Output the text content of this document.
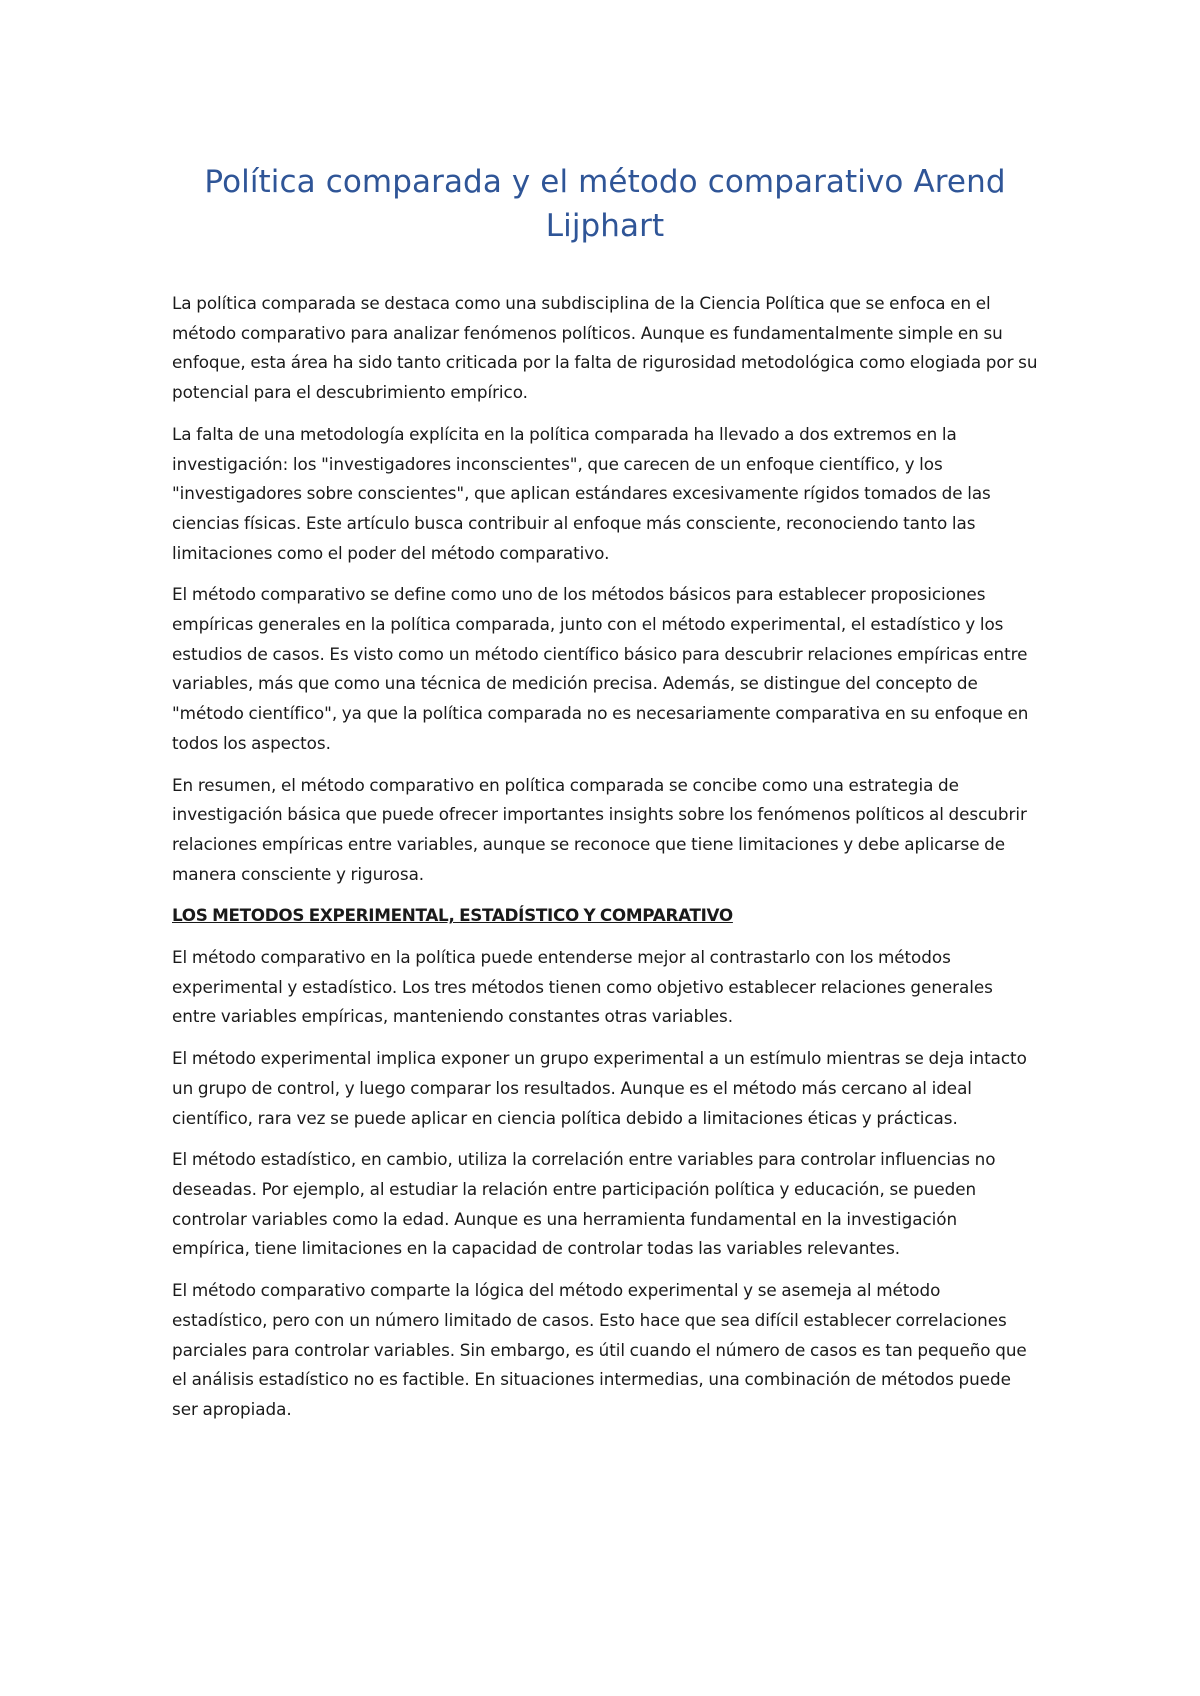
Política comparada y el método comparativo Arend Lijphart

La política comparada se destaca como una subdisciplina de la Ciencia Política que se enfoca en el método comparativo para analizar fenómenos políticos. Aunque es fundamentalmente simple en su enfoque, esta área ha sido tanto criticada por la falta de rigurosidad metodológica como elogiada por su potencial para el descubrimiento empírico.

La falta de una metodología explícita en la política comparada ha llevado a dos extremos en la investigación: los "investigadores inconscientes", que carecen de un enfoque científico, y los "investigadores sobre conscientes", que aplican estándares excesivamente rígidos tomados de las ciencias físicas. Este artículo busca contribuir al enfoque más consciente, reconociendo tanto las limitaciones como el poder del método comparativo.

El método comparativo se define como uno de los métodos básicos para establecer proposiciones empíricas generales en la política comparada, junto con el método experimental, el estadístico y los estudios de casos. Es visto como un método científico básico para descubrir relaciones empíricas entre variables, más que como una técnica de medición precisa. Además, se distingue del concepto de "método científico", ya que la política comparada no es necesariamente comparativa en su enfoque en todos los aspectos.

En resumen, el método comparativo en política comparada se concibe como una estrategia de investigación básica que puede ofrecer importantes insights sobre los fenómenos políticos al descubrir relaciones empíricas entre variables, aunque se reconoce que tiene limitaciones y debe aplicarse de manera consciente y rigurosa.

LOS METODOS EXPERIMENTAL, ESTADÍSTICO Y COMPARATIVO

El método comparativo en la política puede entenderse mejor al contrastarlo con los métodos experimental y estadístico. Los tres métodos tienen como objetivo establecer relaciones generales entre variables empíricas, manteniendo constantes otras variables.

El método experimental implica exponer un grupo experimental a un estímulo mientras se deja intacto un grupo de control, y luego comparar los resultados. Aunque es el método más cercano al ideal científico, rara vez se puede aplicar en ciencia política debido a limitaciones éticas y prácticas.

El método estadístico, en cambio, utiliza la correlación entre variables para controlar influencias no deseadas. Por ejemplo, al estudiar la relación entre participación política y educación, se pueden controlar variables como la edad. Aunque es una herramienta fundamental en la investigación empírica, tiene limitaciones en la capacidad de controlar todas las variables relevantes.

El método comparativo comparte la lógica del método experimental y se asemeja al método estadístico, pero con un número limitado de casos. Esto hace que sea difícil establecer correlaciones parciales para controlar variables. Sin embargo, es útil cuando el número de casos es tan pequeño que el análisis estadístico no es factible. En situaciones intermedias, una combinación de métodos puede ser apropiada.
